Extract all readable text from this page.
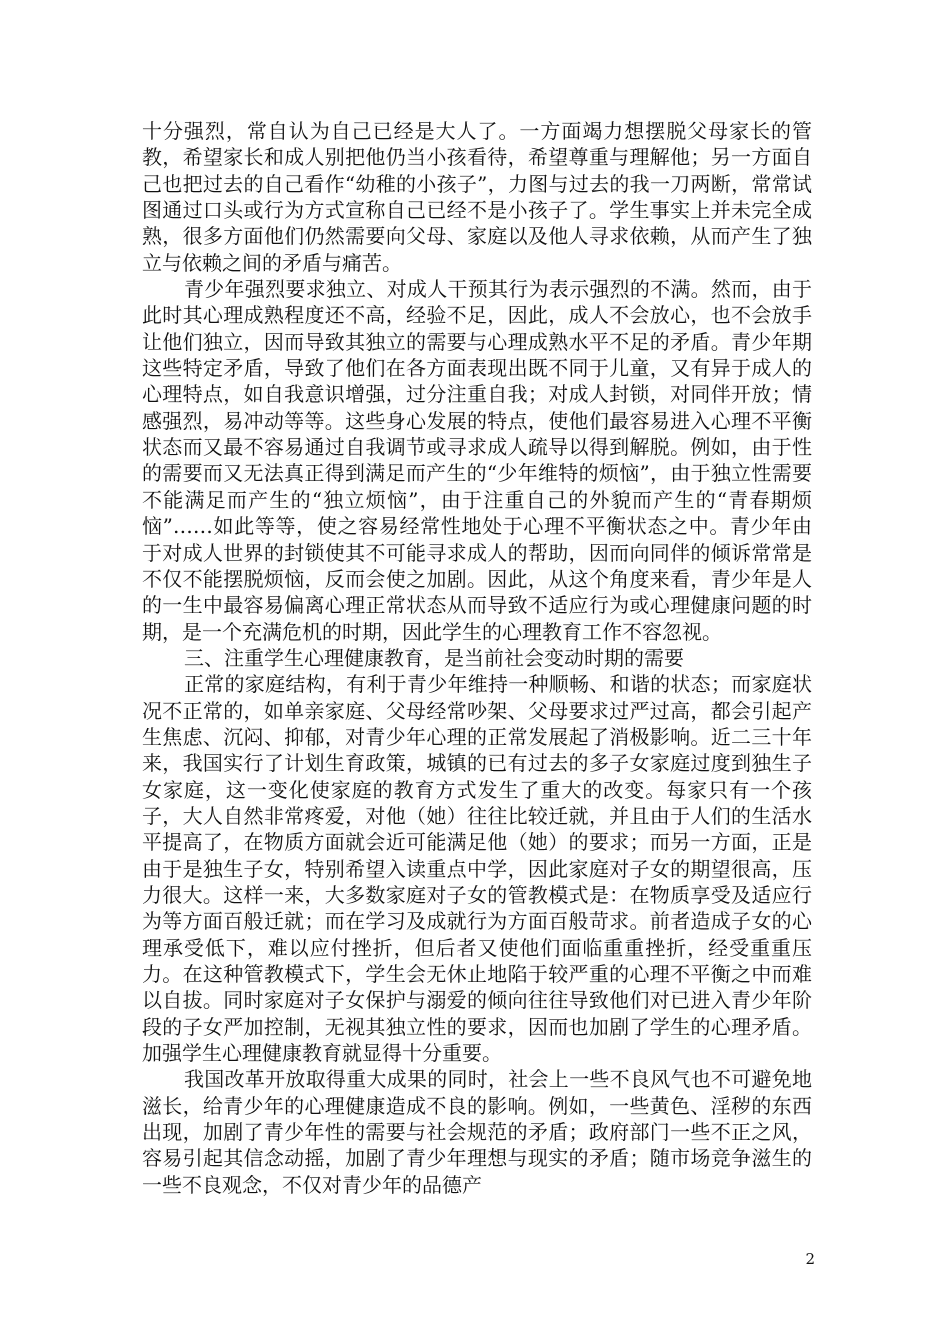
十分强烈，常自认为自己已经是大人了。一方面竭力想摆脱父母家长的管教，希望家长和成人别把他仍当小孩看待，希望尊重与理解他；另一方面自己也把过去的自己看作“幼稚的小孩子”，力图与过去的我一刀两断，常常试图通过口头或行为方式宣称自己已经不是小孩子了。学生事实上并未完全成熟，很多方面他们仍然需要向父母、家庭以及他人寻求依赖，从而产生了独立与依赖之间的矛盾与痛苦。

青少年强烈要求独立、对成人干预其行为表示强烈的不满。然而，由于此时其心理成熟程度还不高，经验不足，因此，成人不会放心，也不会放手让他们独立，因而导致其独立的需要与心理成熟水平不足的矛盾。青少年期这些特定矛盾，导致了他们在各方面表现出既不同于儿童，又有异于成人的心理特点，如自我意识增强，过分注重自我；对成人封锁，对同伴开放；情感强烈，易冲动等等。这些身心发展的特点，使他们最容易进入心理不平衡状态而又最不容易通过自我调节或寻求成人疏导以得到解脱。例如，由于性的需要而又无法真正得到满足而产生的“少年维特的烦恼”，由于独立性需要不能满足而产生的“独立烦恼”，由于注重自己的外貌而产生的“青春期烦恼”……如此等等，使之容易经常性地处于心理不平衡状态之中。青少年由于对成人世界的封锁使其不可能寻求成人的帮助，因而向同伴的倾诉常常是不仅不能摆脱烦恼，反而会使之加剧。因此，从这个角度来看，青少年是人的一生中最容易偏离心理正常状态从而导致不适应行为或心理健康问题的时期，是一个充满危机的时期，因此学生的心理教育工作不容忽视。

三、注重学生心理健康教育，是当前社会变动时期的需要

正常的家庭结构，有利于青少年维持一种顺畅、和谐的状态；而家庭状况不正常的，如单亲家庭、父母经常吵架、父母要求过严过高，都会引起产生焦虑、沉闷、抑郁，对青少年心理的正常发展起了消极影响。近二三十年来，我国实行了计划生育政策，城镇的已有过去的多子女家庭过度到独生子女家庭，这一变化使家庭的教育方式发生了重大的改变。每家只有一个孩子，大人自然非常疼爱，对他（她）往往比较迁就，并且由于人们的生活水平提高了，在物质方面就会近可能满足他（她）的要求；而另一方面，正是由于是独生子女，特别希望入读重点中学，因此家庭对子女的期望很高，压力很大。这样一来，大多数家庭对子女的管教模式是：在物质享受及适应行为等方面百般迁就；而在学习及成就行为方面百般苛求。前者造成子女的心理承受低下，难以应付挫折，但后者又使他们面临重重挫折，经受重重压力。在这种管教模式下，学生会无休止地陷于较严重的心理不平衡之中而难以自拔。同时家庭对子女保护与溺爱的倾向往往导致他们对已进入青少年阶段的子女严加控制，无视其独立性的要求，因而也加剧了学生的心理矛盾。加强学生心理健康教育就显得十分重要。

我国改革开放取得重大成果的同时，社会上一些不良风气也不可避免地滋长，给青少年的心理健康造成不良的影响。例如，一些黄色、淫秽的东西出现，加剧了青少年性的需要与社会规范的矛盾；政府部门一些不正之风，容易引起其信念动摇，加剧了青少年理想与现实的矛盾；随市场竞争滋生的一些不良观念，不仅对青少年的品德产

2
